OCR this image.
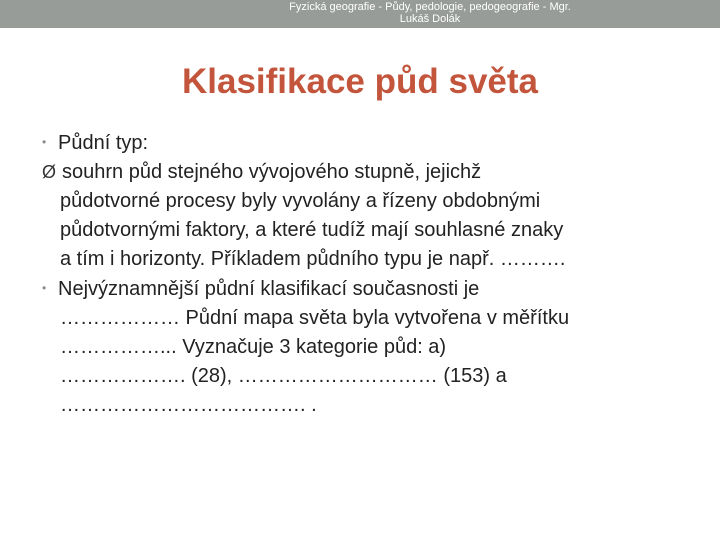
Fyzická geografie - Půdy, pedologie, pedogeografie - Mgr.
Lukáš Dolák
Klasifikace půd světa
• Půdní typ:
Ø souhrn půd stejného vývojového stupně, jejichž
půdotvorné procesy byly vyvolány a řízeny obdobnými
půdotvornými faktory, a které tudíž mají souhlasné znaky
a tím i horizonty. Příkladem půdního typu je např. ……….
• Nejvýznamnější půdní klasifikací současnosti je
……………… Půdní mapa světa byla vytvořena v měřítku
……………... Vyznačuje 3 kategorie půd: a)
………………. (28), ………………………… (153) a
………………………………. .
